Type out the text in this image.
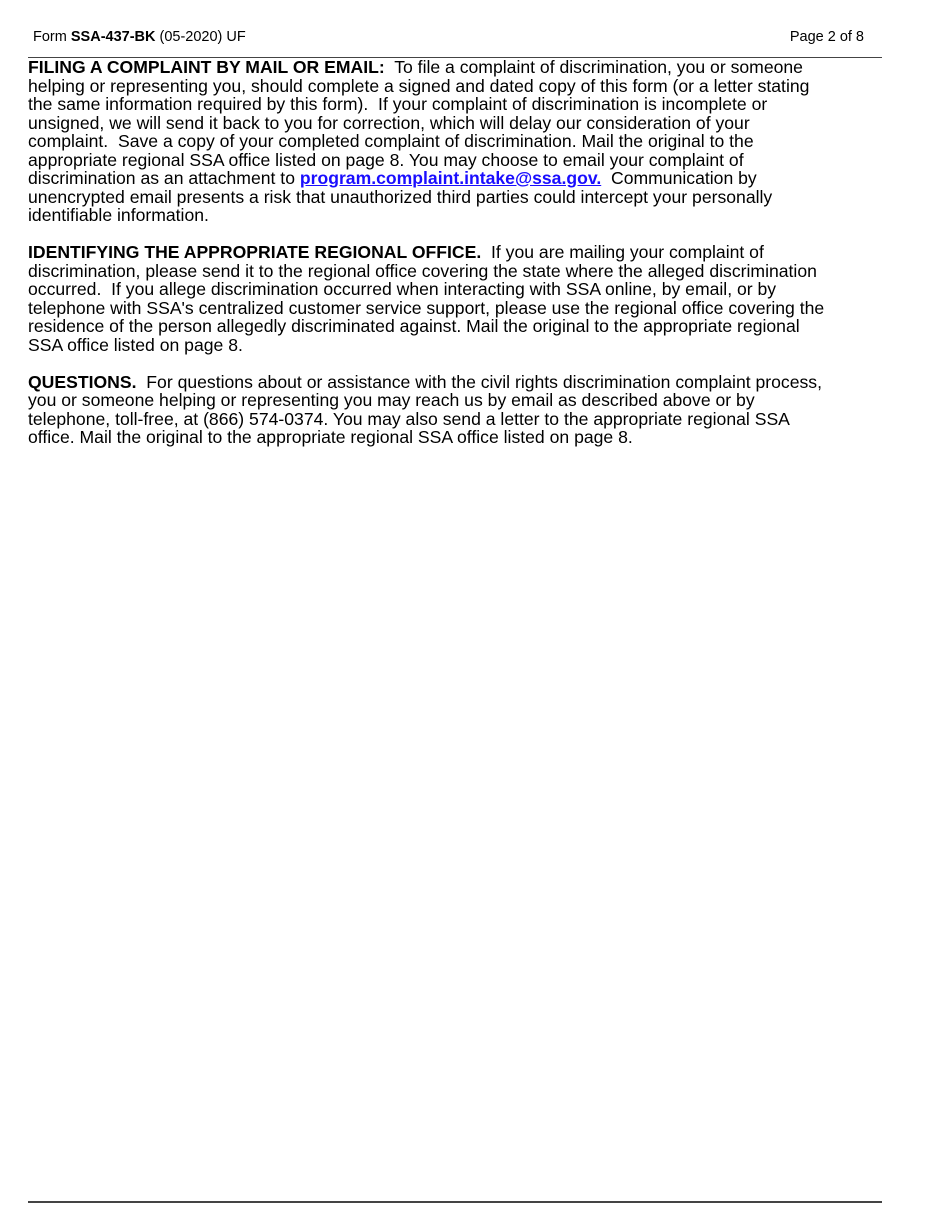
Form SSA-437-BK (05-2020) UF	Page 2 of 8
FILING A COMPLAINT BY MAIL OR EMAIL:  To file a complaint of discrimination, you or someone
helping or representing you, should complete a signed and dated copy of this form (or a letter stating
the same information required by this form).  If your complaint of discrimination is incomplete or
unsigned, we will send it back to you for correction, which will delay our consideration of your
complaint.  Save a copy of your completed complaint of discrimination. Mail the original to the
appropriate regional SSA office listed on page 8. You may choose to email your complaint of
discrimination as an attachment to program.complaint.intake@ssa.gov.  Communication by
unencrypted email presents a risk that unauthorized third parties could intercept your personally
identifiable information.
IDENTIFYING THE APPROPRIATE REGIONAL OFFICE.  If you are mailing your complaint of
discrimination, please send it to the regional office covering the state where the alleged discrimination
occurred.  If you allege discrimination occurred when interacting with SSA online, by email, or by
telephone with SSA's centralized customer service support, please use the regional office covering the
residence of the person allegedly discriminated against. Mail the original to the appropriate regional
SSA office listed on page 8.
QUESTIONS.  For questions about or assistance with the civil rights discrimination complaint process,
you or someone helping or representing you may reach us by email as described above or by
telephone, toll-free, at (866) 574-0374. You may also send a letter to the appropriate regional SSA
office. Mail the original to the appropriate regional SSA office listed on page 8.
